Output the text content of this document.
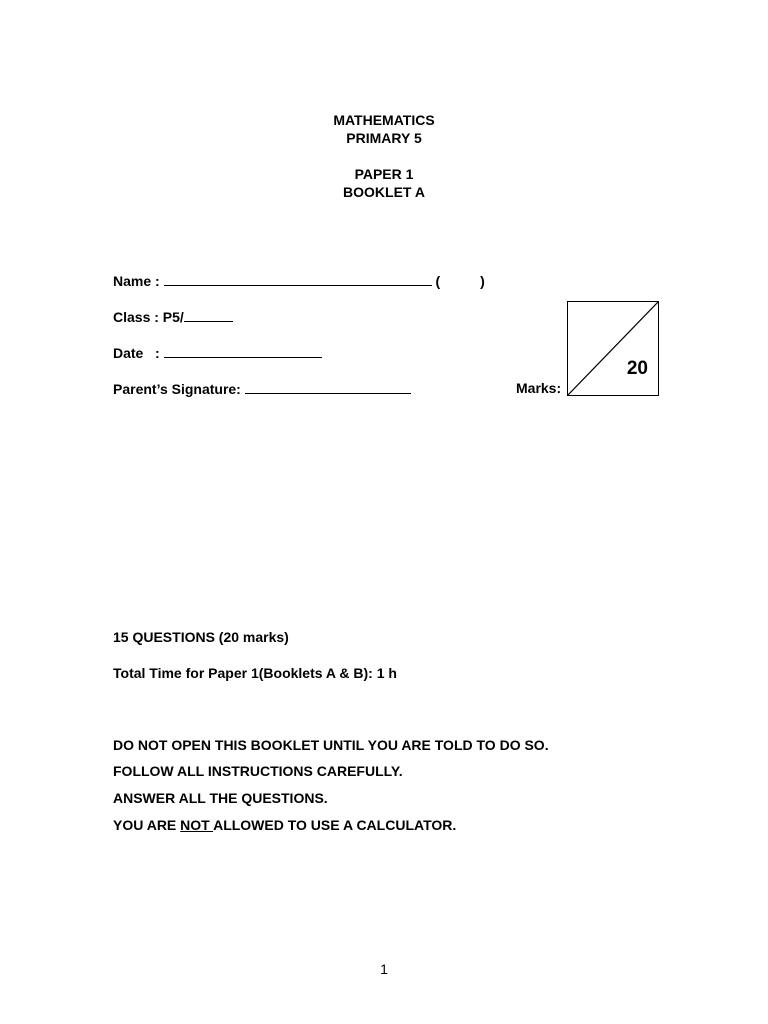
MATHEMATICS
PRIMARY 5
PAPER 1
BOOKLET A
Name :	(	)
Class : P5/
Date   :
Parent’s Signature:	Marks:
20
15 QUESTIONS (20 marks)
Total Time for Paper 1(Booklets A & B): 1 h
DO NOT OPEN THIS BOOKLET UNTIL YOU ARE TOLD TO DO SO.
FOLLOW ALL INSTRUCTIONS CAREFULLY.
ANSWER ALL THE QUESTIONS.
YOU ARE NOT ALLOWED TO USE A CALCULATOR.
1
